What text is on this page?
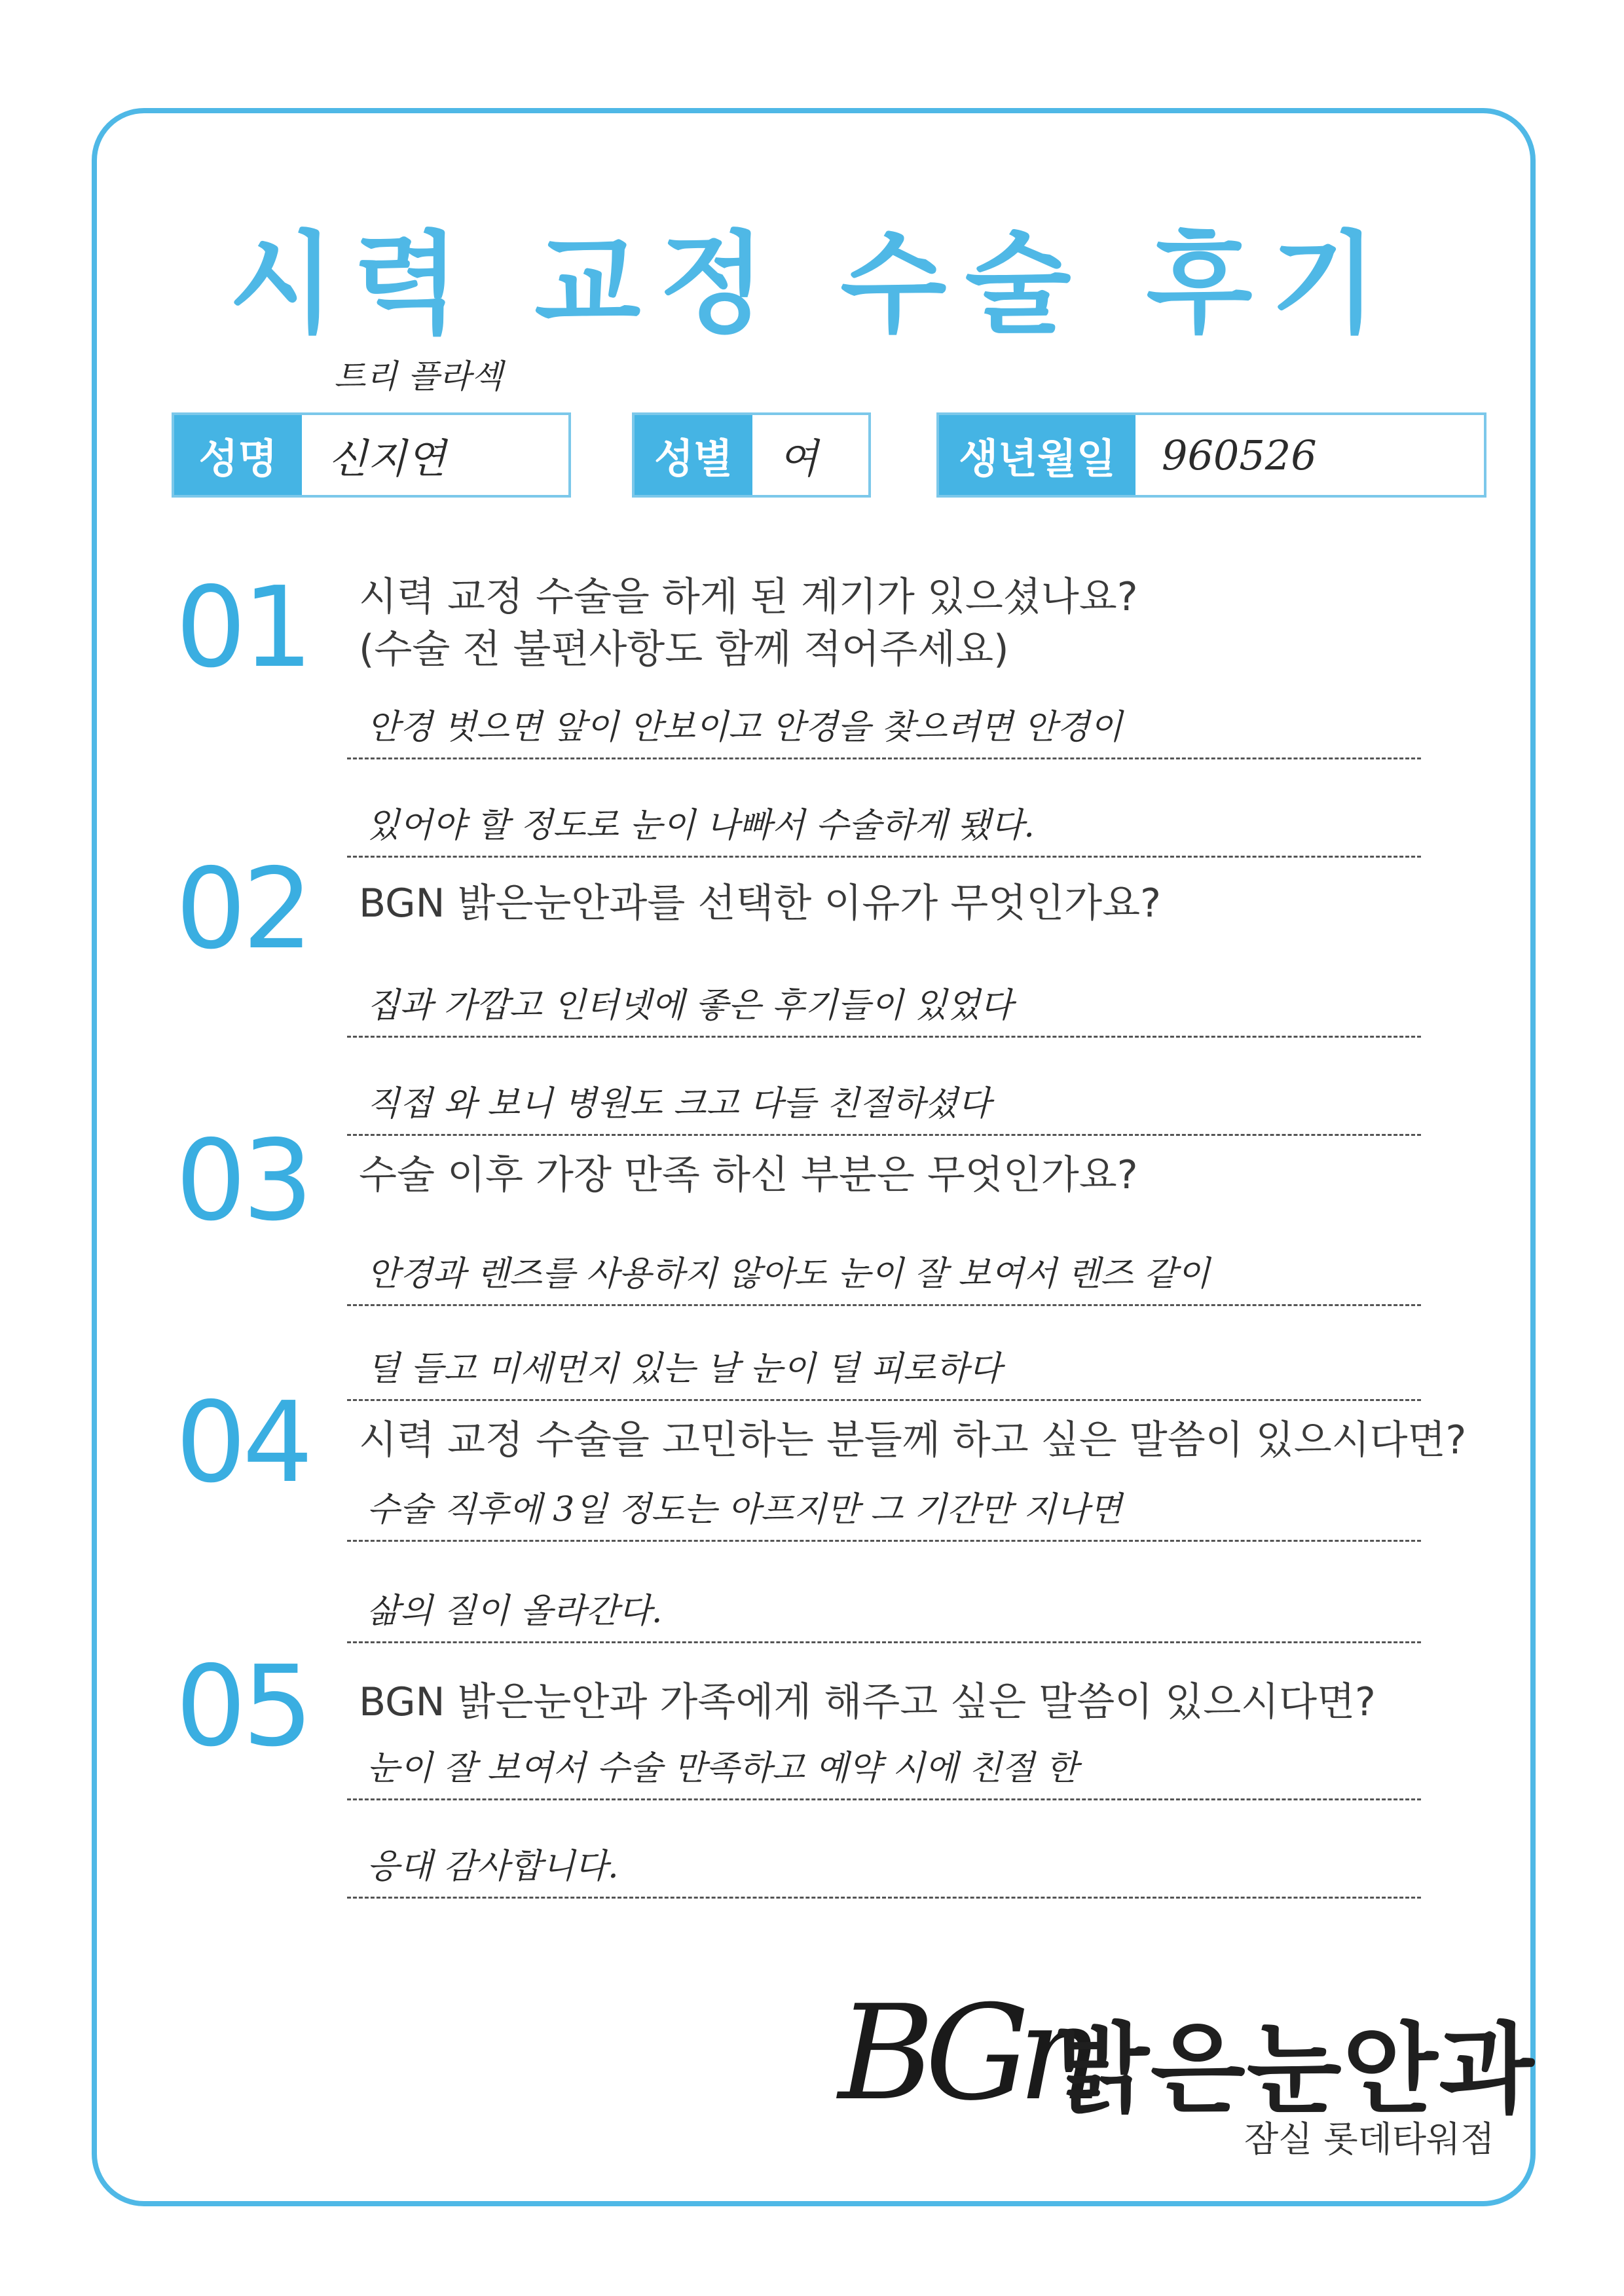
시력 교정 수술 후기
트리 플라섹
성명	신지연	성별	여	생년월일	960526
01 시력 교정 수술을 하게 된 계기가 있으셨나요?
(수술 전 불편사항도 함께 적어주세요)
안경 벗으면 앞이 안보이고 안경을 찾으려면 안경이
있어야 할 정도로 눈이 나빠서 수술하게 됐다.
02 BGN 밝은눈안과를 선택한 이유가 무엇인가요?
집과 가깝고 인터넷에 좋은 후기들이 있었다
직접 와 보니 병원도 크고 다들 친절하셨다
03 수술 이후 가장 만족 하신 부분은 무엇인가요?
안경과 렌즈를 사용하지 않아도 눈이 잘 보여서 렌즈 같이
덜 들고 미세먼지 있는 날 눈이 덜 피로하다
04 시력 교정 수술을 고민하는 분들께 하고 싶은 말씀이 있으시다면?
수술 직후에 3일 정도는 아프지만 그 기간만 지나면
삶의 질이 올라간다.
05 BGN 밝은눈안과 가족에게 해주고 싶은 말씀이 있으시다면?
눈이 잘 보여서 수술 만족하고 예약 시에 친절 한
응대 감사합니다.
BGn
밝은눈안과
잠실 롯데타워점
